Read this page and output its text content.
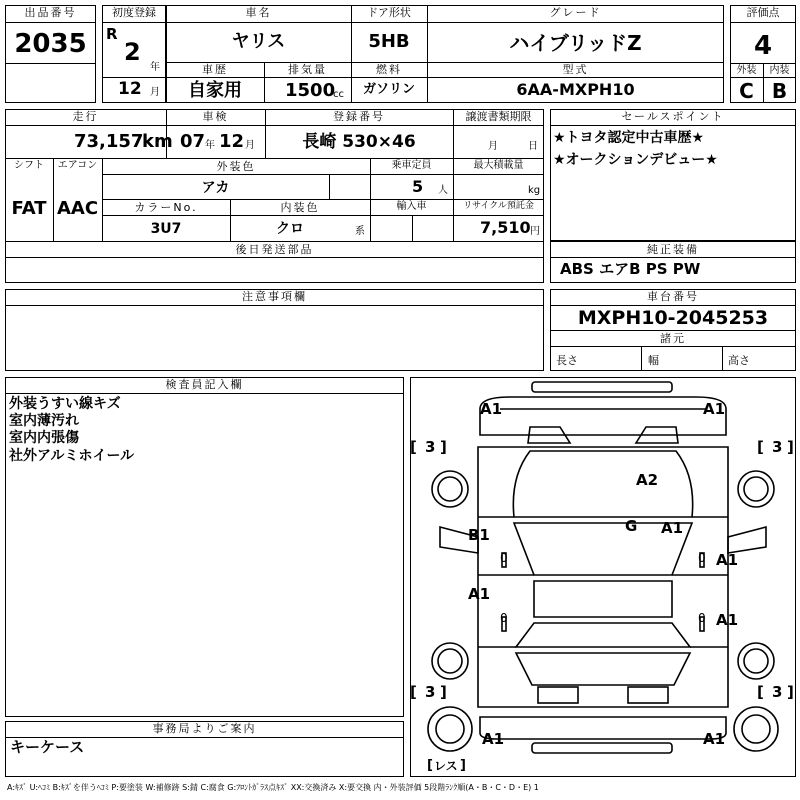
出品番号
2035
初度登録
R
2
年
12 月
車名
ヤリス
ドア形状
5HB
グレード
ハイブリッドZ
車歴
自家用
排気量
1500
cc
燃料
ガソリン
型式
6AA-MXPH10
評価点
4
外装	内装
C B
走行
73,157
km
車検
07 年 12 月
登録番号
長崎 530×46
譲渡書類期限
月	日
シフト
FAT
エアコン
AAC
外装色
アカ
乗車定員
5 人
最大積載量
kg
カラーNo.
3U7
内装色
クロ	系
輸入車	リサイクル預託金
7,510 円
後日発送部品
セールスポイント
★トヨタ認定中古車歴★
★オークションデビュー★
純正装備
ABS エアB PS PW
注意事項欄	車台番号
MXPH10-2045253
諸元
長さ	幅	高さ
検査員記入欄
外装うすい線キズ
室内薄汚れ
室内内張傷
社外アルミホイール
事務局よりご案内
キーケース
A1	A1
A2
G A1
B1
A1
A1
A1
A1	A1
[ 3 ]	[ 3 ]
[ 3 ]	[ 3 ]
0
0
0
0
[ レス ]
A:ｷｽﾞ U:ﾍｺﾐ B:ｷｽﾞを伴うﾍｺﾐ P:要塗装 W:補修跡 S:錆 C:腐食 G:ﾌﾛﾝﾄｶﾞﾗｽ点ｷｽﾞ XX:交換済み X:要交換 内・外装評価 5段階ﾗﾝｸ順(A・B・C・D・E) 1
